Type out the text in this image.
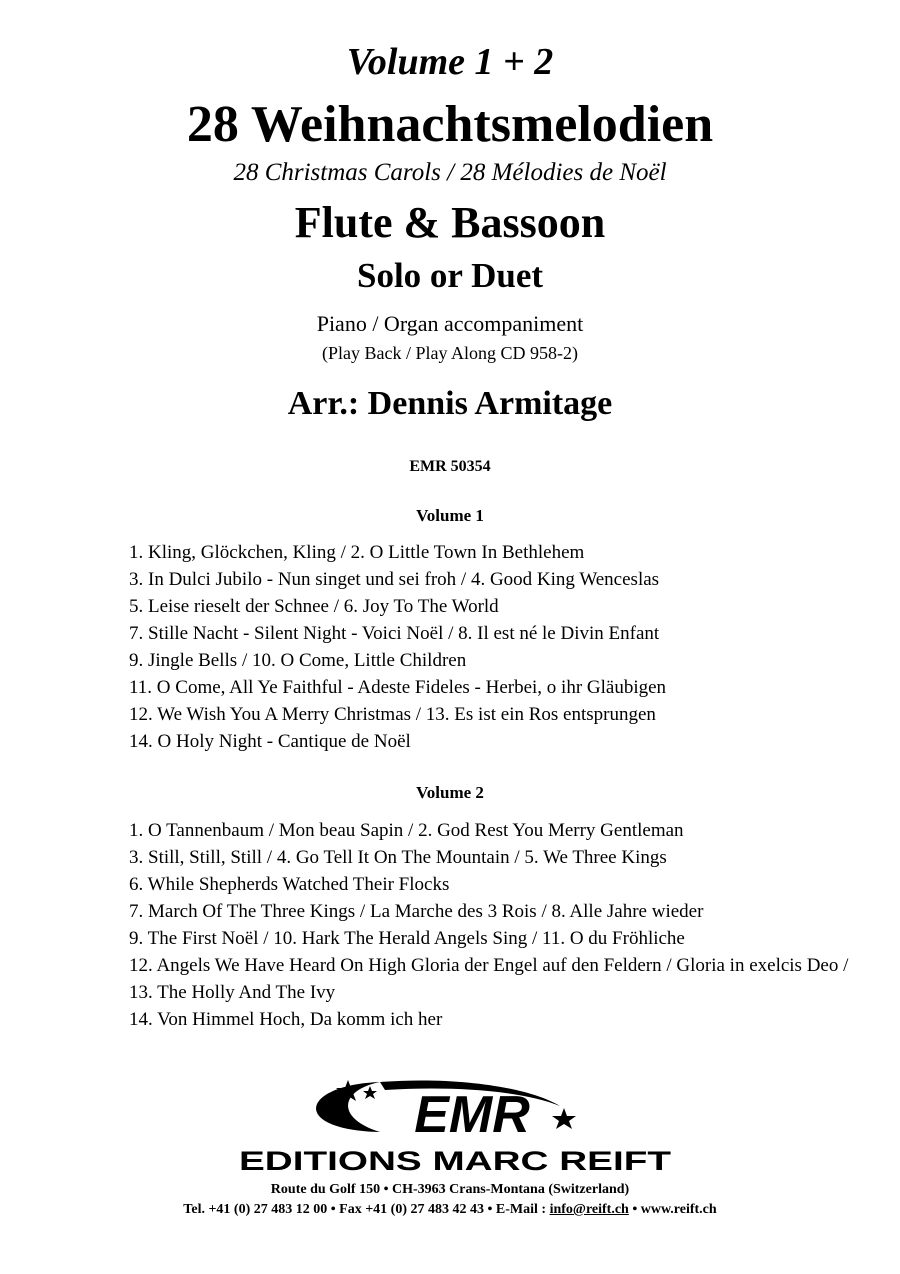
Volume 1 + 2
28 Weihnachtsmelodien
28 Christmas Carols / 28 Mélodies de Noël
Flute & Bassoon
Solo or Duet
Piano / Organ accompaniment
(Play Back / Play Along CD 958-2)
Arr.: Dennis Armitage
EMR 50354
Volume 1
1. Kling, Glöckchen, Kling / 2. O Little Town In Bethlehem
3. In Dulci Jubilo - Nun singet und sei froh / 4. Good King Wenceslas
5. Leise rieselt der Schnee / 6. Joy To The World
7. Stille Nacht - Silent Night - Voici Noël / 8. Il est né le Divin Enfant
9. Jingle Bells / 10. O Come, Little Children
11. O Come, All Ye Faithful - Adeste Fideles - Herbei, o ihr Gläubigen
12. We Wish You A Merry Christmas / 13. Es ist ein Ros entsprungen
14. O Holy Night - Cantique de Noël
Volume 2
1. O Tannenbaum / Mon beau Sapin / 2. God Rest You Merry Gentleman
3. Still, Still, Still / 4. Go Tell It On The Mountain / 5. We Three Kings
6. While Shepherds Watched Their Flocks
7. March Of The Three Kings / La Marche des 3 Rois / 8. Alle Jahre wieder
9. The First Noël / 10. Hark The Herald Angels Sing / 11. O du Fröhliche
12. Angels We Have Heard On High Gloria der Engel auf den Feldern / Gloria in exelcis Deo / 13. The Holly And The Ivy
14. Von Himmel Hoch, Da komm ich her
EMR
EDITIONS MARC REIFT
Route du Golf 150 • CH-3963 Crans-Montana (Switzerland)
Tel. +41 (0) 27 483 12 00 • Fax +41 (0) 27 483 42 43 • E-Mail : info@reift.ch • www.reift.ch
